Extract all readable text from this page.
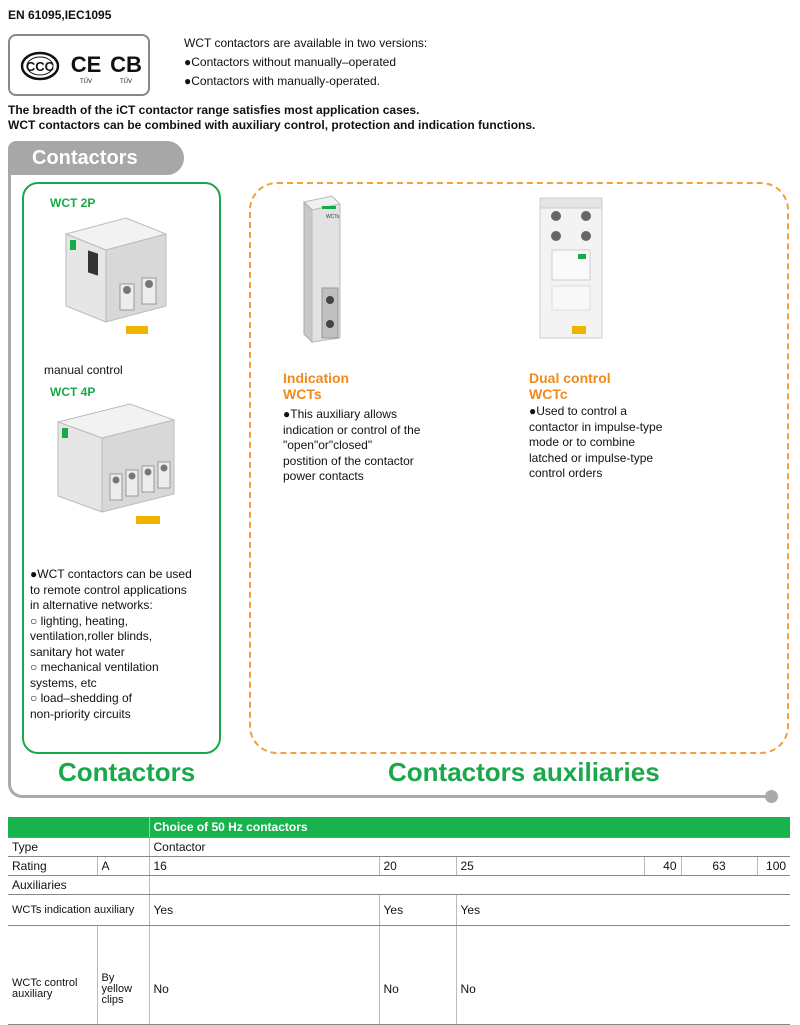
EN 61095,IEC1095
CCC CE
TÜV
CB
TÜV
WCT contactors are available in two versions:
●Contactors without manually–operated
●Contactors with manually-operated.
The breadth of the iCT contactor range satisfies most application cases.
WCT contactors can be combined with auxiliary control, protection and indication functions.
Contactors
WCT 2P
manual control
WCT 4P
●WCT contactors can be used
to remote control applications
in alternative networks:
○ lighting, heating,
ventilation,roller blinds,
sanitary hot water
○ mechanical ventilation
systems, etc
○ load–shedding of
non-priority circuits
WCTs
Indication
WCTs
●This auxiliary allows
indication or control of the
"open"or"closed"
postition of the contactor
power contacts
Dual control
WCTc
●Used to control a
contactor in impulse-type
mode or to combine
latched or impulse-type
control orders
Contactors	Contactors auxiliaries
		Choice of 50 Hz contactors					
Type		Contactor					
Rating	A	16	20	25	40	63	100
Auxiliaries							
WCTs indication auxiliary		Yes	Yes	Yes			
WCTc control auxiliary	By yellow clips	No	No	No			
